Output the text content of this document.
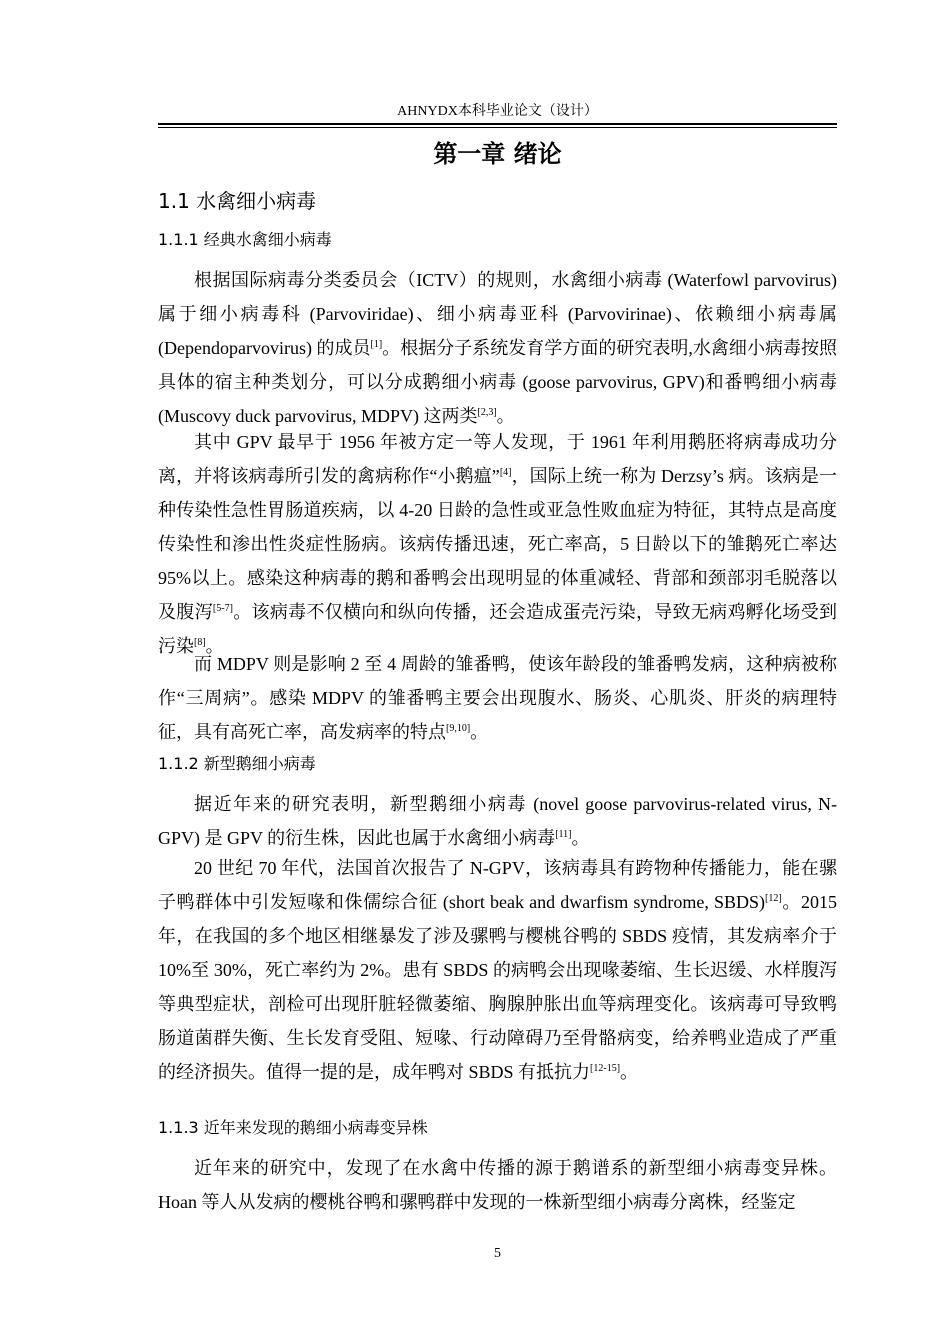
AHNYDX本科毕业论文（设计）
第一章 绪论
1.1 水禽细小病毒
1.1.1 经典水禽细小病毒
根据国际病毒分类委员会（ICTV）的规则，水禽细小病毒 (Waterfowl parvovirus) 属于细小病毒科 (Parvoviridae)、细小病毒亚科 (Parvovirinae)、依赖细小病毒属 (Dependoparvovirus) 的成员[1]。根据分子系统发育学方面的研究表明,水禽细小病毒按照具体的宿主种类划分，可以分成鹅细小病毒 (goose parvovirus, GPV)和番鸭细小病毒 (Muscovy duck parvovirus, MDPV) 这两类[2,3]。
其中 GPV 最早于 1956 年被方定一等人发现，于 1961 年利用鹅胚将病毒成功分离，并将该病毒所引发的禽病称作“小鹅瘟”[4]，国际上统一称为 Derzsy’s 病。该病是一种传染性急性胃肠道疾病，以 4-20 日龄的急性或亚急性败血症为特征，其特点是高度传染性和渗出性炎症性肠病。该病传播迅速，死亡率高，5 日龄以下的雏鹅死亡率达 95%以上。感染这种病毒的鹅和番鸭会出现明显的体重减轻、背部和颈部羽毛脱落以及腹泻[5-7]。该病毒不仅横向和纵向传播，还会造成蛋壳污染，导致无病鸡孵化场受到污染[8]。
而 MDPV 则是影响 2 至 4 周龄的雏番鸭，使该年龄段的雏番鸭发病，这种病被称作“三周病”。感染 MDPV 的雏番鸭主要会出现腹水、肠炎、心肌炎、肝炎的病理特征，具有高死亡率，高发病率的特点[9,10]。
1.1.2 新型鹅细小病毒
据近年来的研究表明，新型鹅细小病毒 (novel goose parvovirus-related virus, N-GPV) 是 GPV 的衍生株，因此也属于水禽细小病毒[11]。
20 世纪 70 年代，法国首次报告了 N-GPV，该病毒具有跨物种传播能力，能在骡子鸭群体中引发短喙和侏儒综合征 (short beak and dwarfism syndrome, SBDS)[12]。2015 年，在我国的多个地区相继暴发了涉及骡鸭与樱桃谷鸭的 SBDS 疫情，其发病率介于 10%至 30%，死亡率约为 2%。患有 SBDS 的病鸭会出现喙萎缩、生长迟缓、水样腹泻等典型症状，剖检可出现肝脏轻微萎缩、胸腺肿胀出血等病理变化。该病毒可导致鸭肠道菌群失衡、生长发育受阻、短喙、行动障碍乃至骨骼病变，给养鸭业造成了严重的经济损失。值得一提的是，成年鸭对 SBDS 有抵抗力[12-15]。
1.1.3 近年来发现的鹅细小病毒变异株
近年来的研究中，发现了在水禽中传播的源于鹅谱系的新型细小病毒变异株。Hoan 等人从发病的樱桃谷鸭和骡鸭群中发现的一株新型细小病毒分离株，经鉴定
5
